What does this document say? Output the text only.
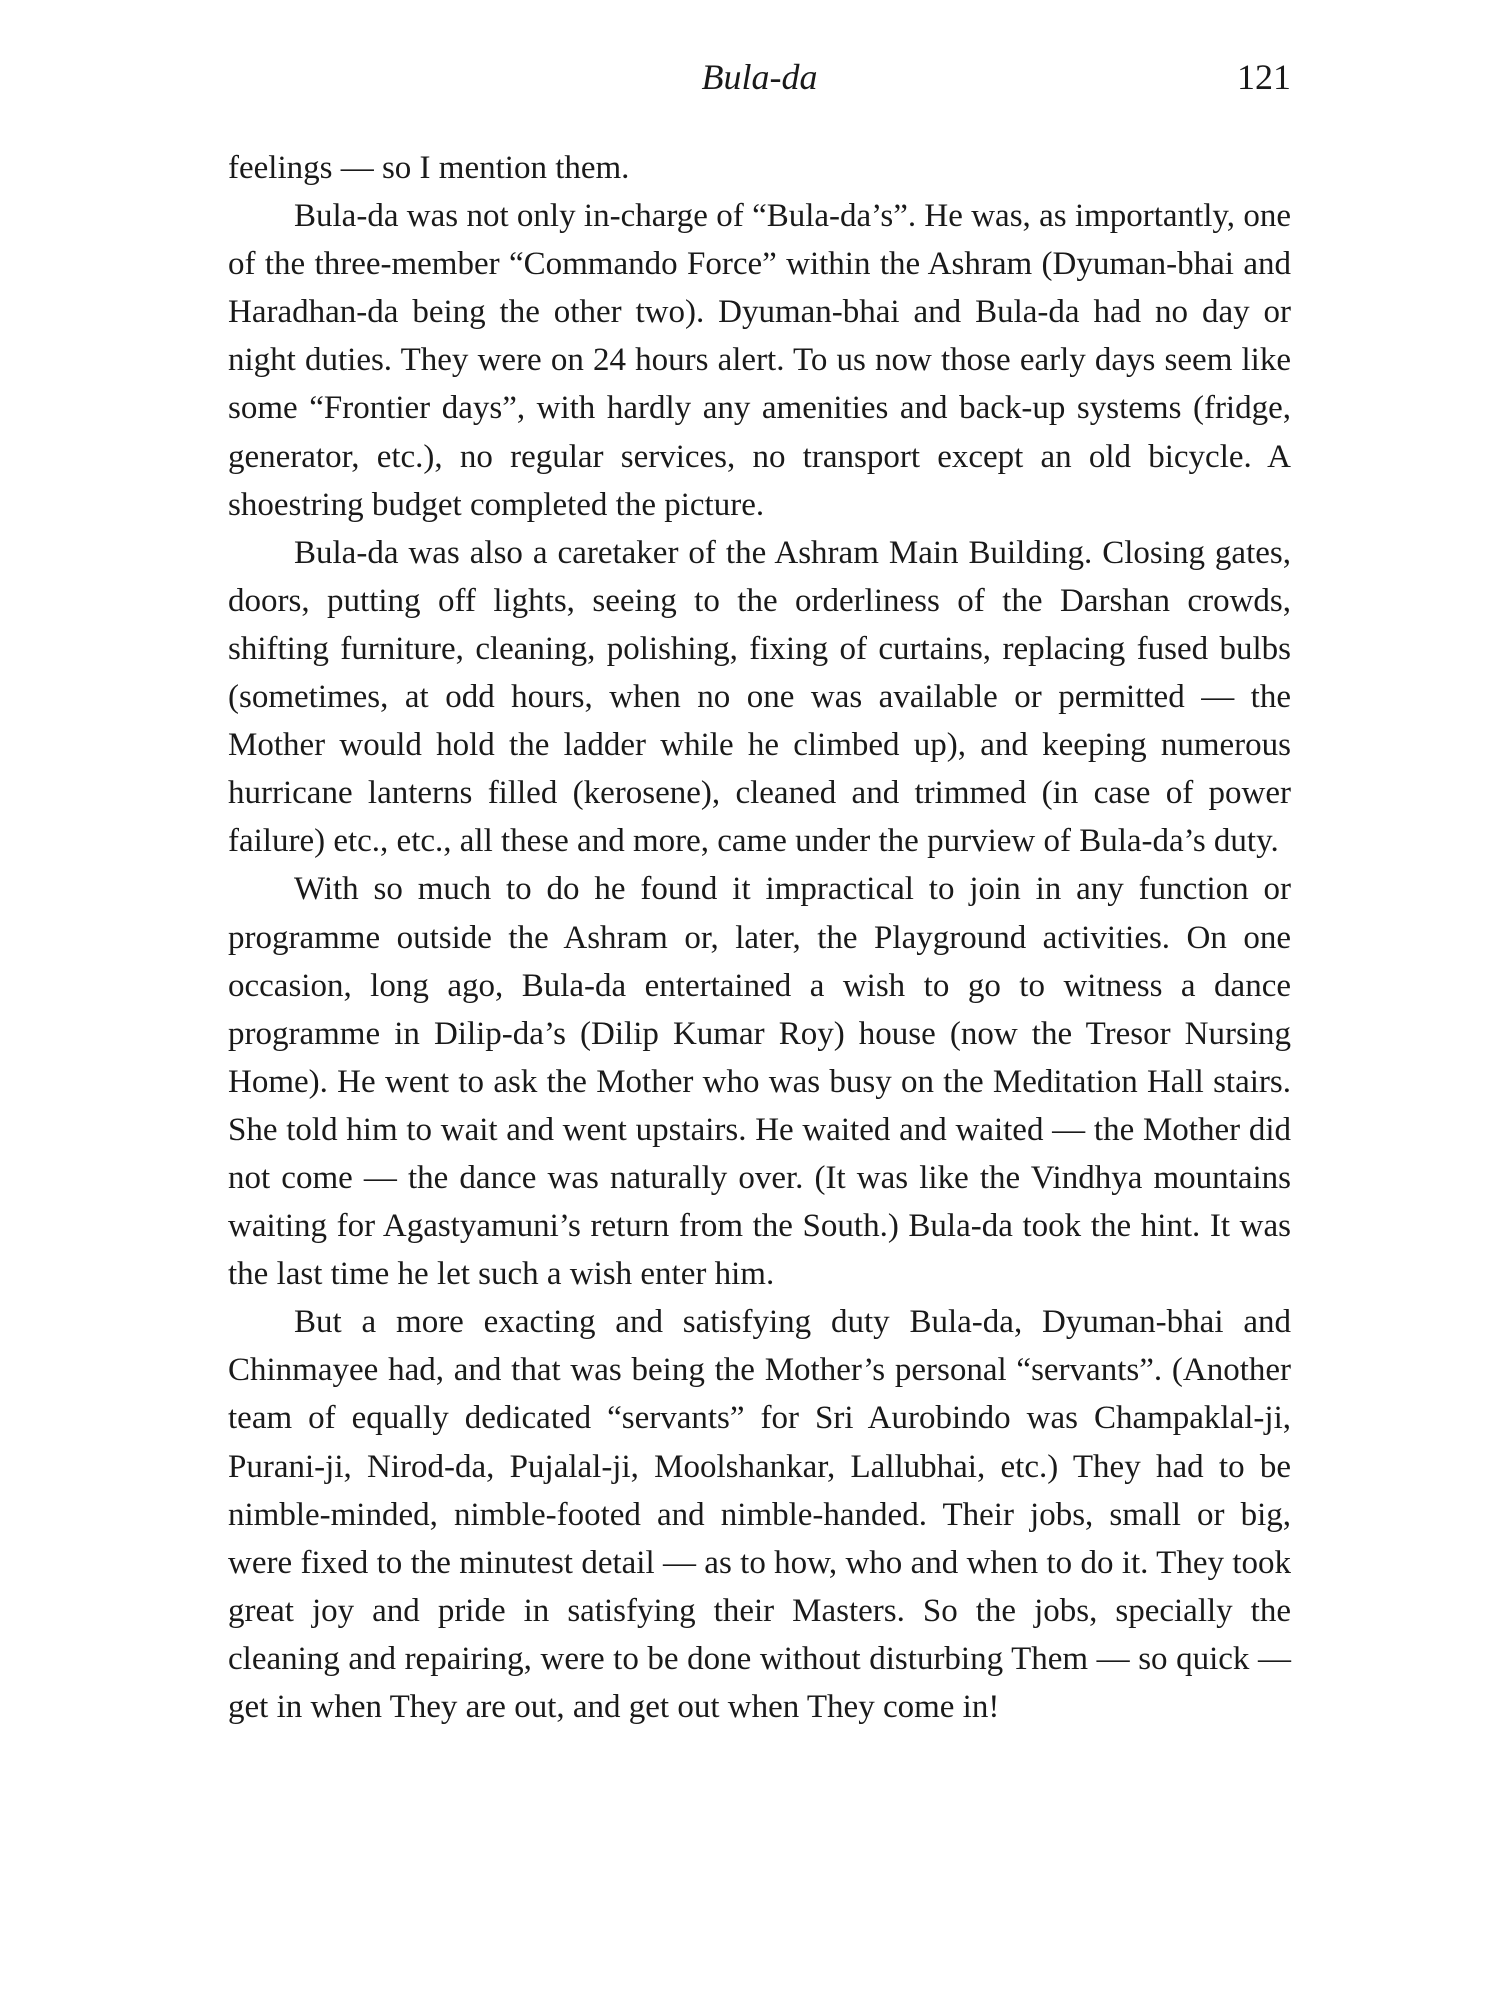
Bula-da	121

feelings — so I mention them.

Bula-da was not only in-charge of “Bula-da’s”. He was, as importantly, one of the three-member “Commando Force” within the Ashram (Dyuman-bhai and Haradhan-da being the other two). Dyuman-bhai and Bula-da had no day or night duties. They were on 24 hours alert. To us now those early days seem like some “Frontier days”, with hardly any amenities and back-up systems (fridge, generator, etc.), no regular services, no transport except an old bicycle. A shoestring budget completed the picture.

Bula-da was also a caretaker of the Ashram Main Building. Closing gates, doors, putting off lights, seeing to the orderliness of the Darshan crowds, shifting furniture, cleaning, polishing, fixing of curtains, replacing fused bulbs (sometimes, at odd hours, when no one was available or permitted — the Mother would hold the ladder while he climbed up), and keeping numerous hurricane lanterns filled (kerosene), cleaned and trimmed (in case of power failure) etc., etc., all these and more, came under the purview of Bula-da’s duty.

With so much to do he found it impractical to join in any function or programme outside the Ashram or, later, the Playground activities. On one occasion, long ago, Bula-da entertained a wish to go to witness a dance programme in Dilip-da’s (Dilip Kumar Roy) house (now the Tresor Nursing Home). He went to ask the Mother who was busy on the Meditation Hall stairs. She told him to wait and went upstairs. He waited and waited — the Mother did not come — the dance was naturally over. (It was like the Vindhya mountains waiting for Agastyamuni’s return from the South.) Bula-da took the hint. It was the last time he let such a wish enter him.

But a more exacting and satisfying duty Bula-da, Dyuman-bhai and Chinmayee had, and that was being the Mother’s personal “servants”. (Another team of equally dedicated “servants” for Sri Aurobindo was Champaklal-ji, Purani-ji, Nirod-da, Pujalal-ji, Moolshankar, Lallubhai, etc.) They had to be nimble-minded, nimble-footed and nimble-handed. Their jobs, small or big, were fixed to the minutest detail — as to how, who and when to do it. They took great joy and pride in satisfying their Masters. So the jobs, specially the cleaning and repairing, were to be done without disturbing Them — so quick — get in when They are out, and get out when They come in!
